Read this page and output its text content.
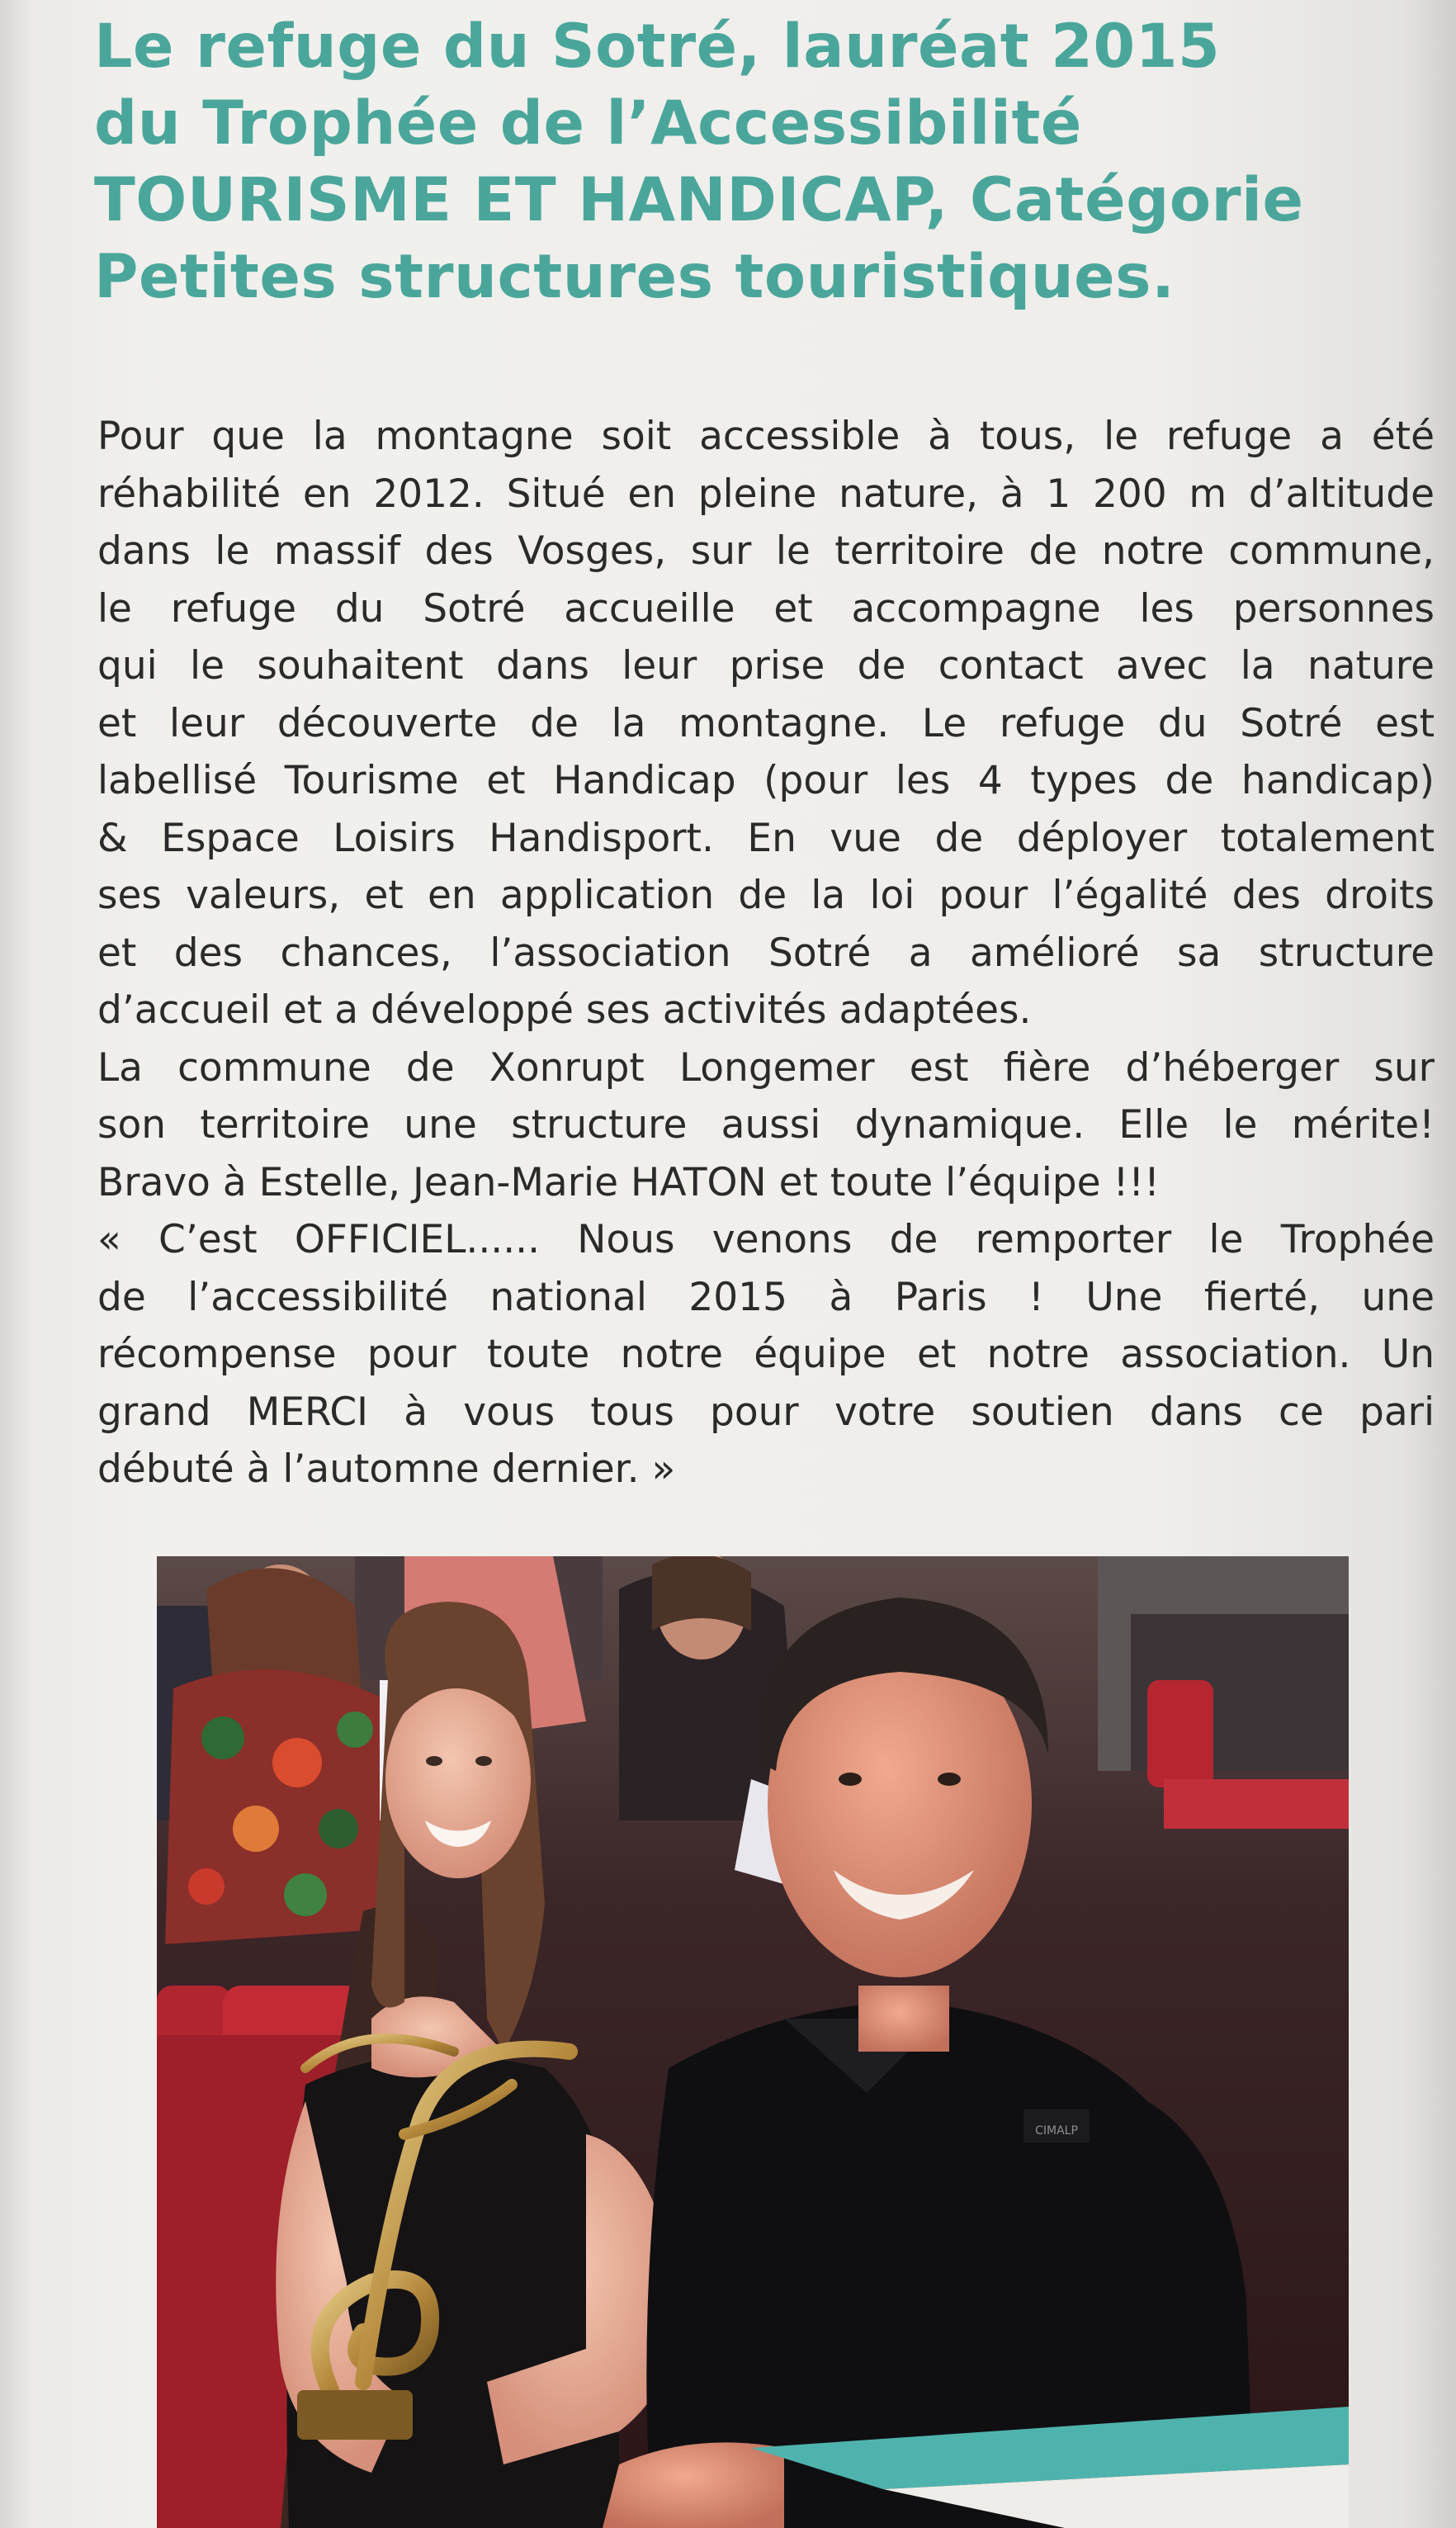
Le refuge du Sotré, lauréat 2015
du Trophée de l’Accessibilité
TOURISME ET HANDICAP, Catégorie
Petites structures touristiques.

Pour que la montagne soit accessible à tous, le refuge a été
réhabilité en 2012. Situé en pleine nature, à 1 200 m d’altitude
dans le massif des Vosges, sur le territoire de notre commune,
le refuge du Sotré accueille et accompagne les personnes
qui le souhaitent dans leur prise de contact avec la nature
et leur découverte de la montagne. Le refuge du Sotré est
labellisé Tourisme et Handicap (pour les 4 types de handicap)
& Espace Loisirs Handisport. En vue de déployer totalement
ses valeurs, et en application de la loi pour l’égalité des droits
et des chances, l’association Sotré a amélioré sa structure
d’accueil et a développé ses activités adaptées.

La commune de Xonrupt Longemer est fière d’héberger sur
son territoire une structure aussi dynamique. Elle le mérite!
Bravo à Estelle, Jean-Marie HATON et toute l’équipe !!!

« C’est OFFICIEL...... Nous venons de remporter le Trophée
de l’accessibilité national 2015 à Paris ! Une fierté, une
récompense pour toute notre équipe et notre association. Un
grand MERCI à vous tous pour votre soutien dans ce pari
débuté à l’automne dernier. »

CIMALP
